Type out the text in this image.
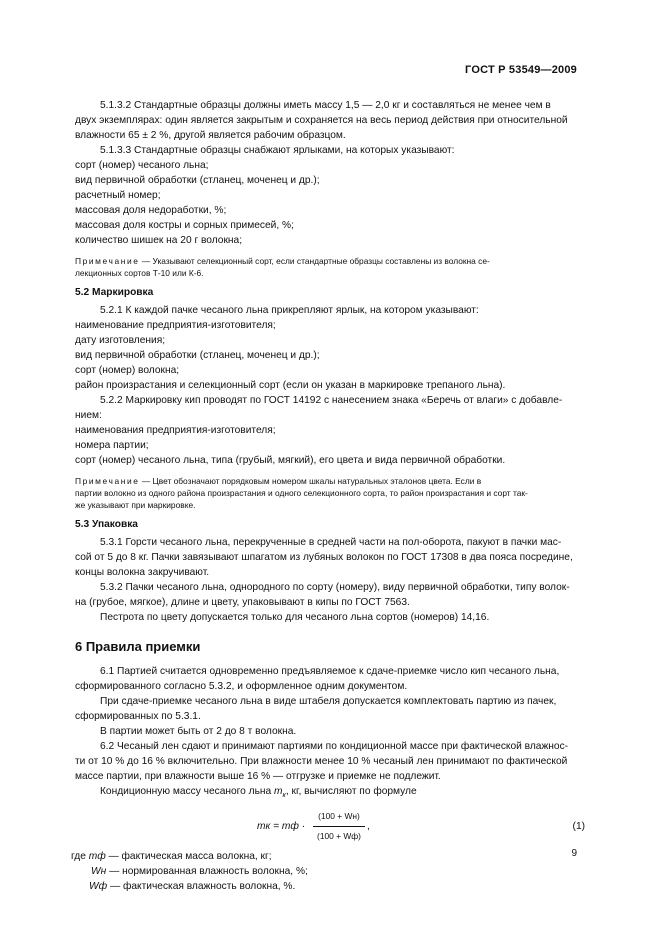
ГОСТ Р 53549—2009

5.1.3.2 Стандартные образцы должны иметь массу 1,5 — 2,0 кг и составляться не менее чем в

двух экземплярах: один является закрытым и сохраняется на весь период действия при относительной

влажности 65 ± 2 %, другой является рабочим образцом.

5.1.3.3 Стандартные образцы снабжают ярлыками, на которых указывают:

сорт (номер) чесаного льна;

вид первичной обработки (стланец, моченец и др.);

расчетный номер;

массовая доля недоработки, %;

массовая доля костры и сорных примесей, %;

количество шишек на 20 г волокна;

Примечание — Указывают селекционный сорт, если стандартные образцы составлены из волокна се-
лекционных сортов Т-10 или К-6.
5.2 Маркировка

5.2.1 К каждой пачке чесаного льна прикрепляют ярлык, на котором указывают:

наименование предприятия-изготовителя;

дату изготовления;

вид первичной обработки (стланец, моченец и др.);

сорт (номер) волокна;

район произрастания и селекционный сорт (если он указан в маркировке трепаного льна).

5.2.2 Маркировку кип проводят по ГОСТ 14192 с нанесением знака «Беречь от влаги» с добавле-

нием:

наименования предприятия-изготовителя;

номера партии;

сорт (номер) чесаного льна, типа (грубый, мягкий), его цвета и вида первичной обработки.

Примечание — Цвет обозначают порядковым номером шкалы натуральных эталонов цвета. Если в
партии волокно из одного района произрастания и одного селекционного сорта, то район произрастания и сорт так-
же указывают при маркировке.
5.3 Упаковка

5.3.1 Горсти чесаного льна, перекрученные в средней части на пол-оборота, пакуют в пачки мас-

сой от 5 до 8 кг. Пачки завязывают шпагатом из лубяных волокон по ГОСТ 17308 в два пояса посредине,

концы волокна закручивают.

5.3.2 Пачки чесаного льна, однородного по сорту (номеру), виду первичной обработки, типу волок-

на (грубое, мягкое), длине и цвету, упаковывают в кипы по ГОСТ 7563.

Пестрота по цвету допускается только для чесаного льна сортов (номеров) 14,16.

6 Правила приемки

6.1 Партией считается одновременно предъявляемое к сдаче-приемке число кип чесаного льна,

сформированного согласно 5.3.2, и оформленное одним документом.

При сдаче-приемке чесаного льна в виде штабеля допускается комплектовать партию из пачек,

сформированных по 5.3.1.

В партии может быть от 2 до 8 т волокна.

6.2 Чесаный лен сдают и принимают партиями по кондиционной массе при фактической влажнос-

ти от 10 % до 16 % включительно. При влажности менее 10 % чесаный лен принимают по фактической

массе партии, при влажности выше 16 % — отгрузке и приемке не подлежит.

Кондиционную массу чесаного льна $m_к$, кг, вычисляют по формуле

mк = mф ·
(100 + Wн)
(100 + Wф)
,	(1)
где mф — фактическая масса волокна, кг;
Wн — нормированная влажность волокна, %;
Wф — фактическая влажность волокна, %.
9
